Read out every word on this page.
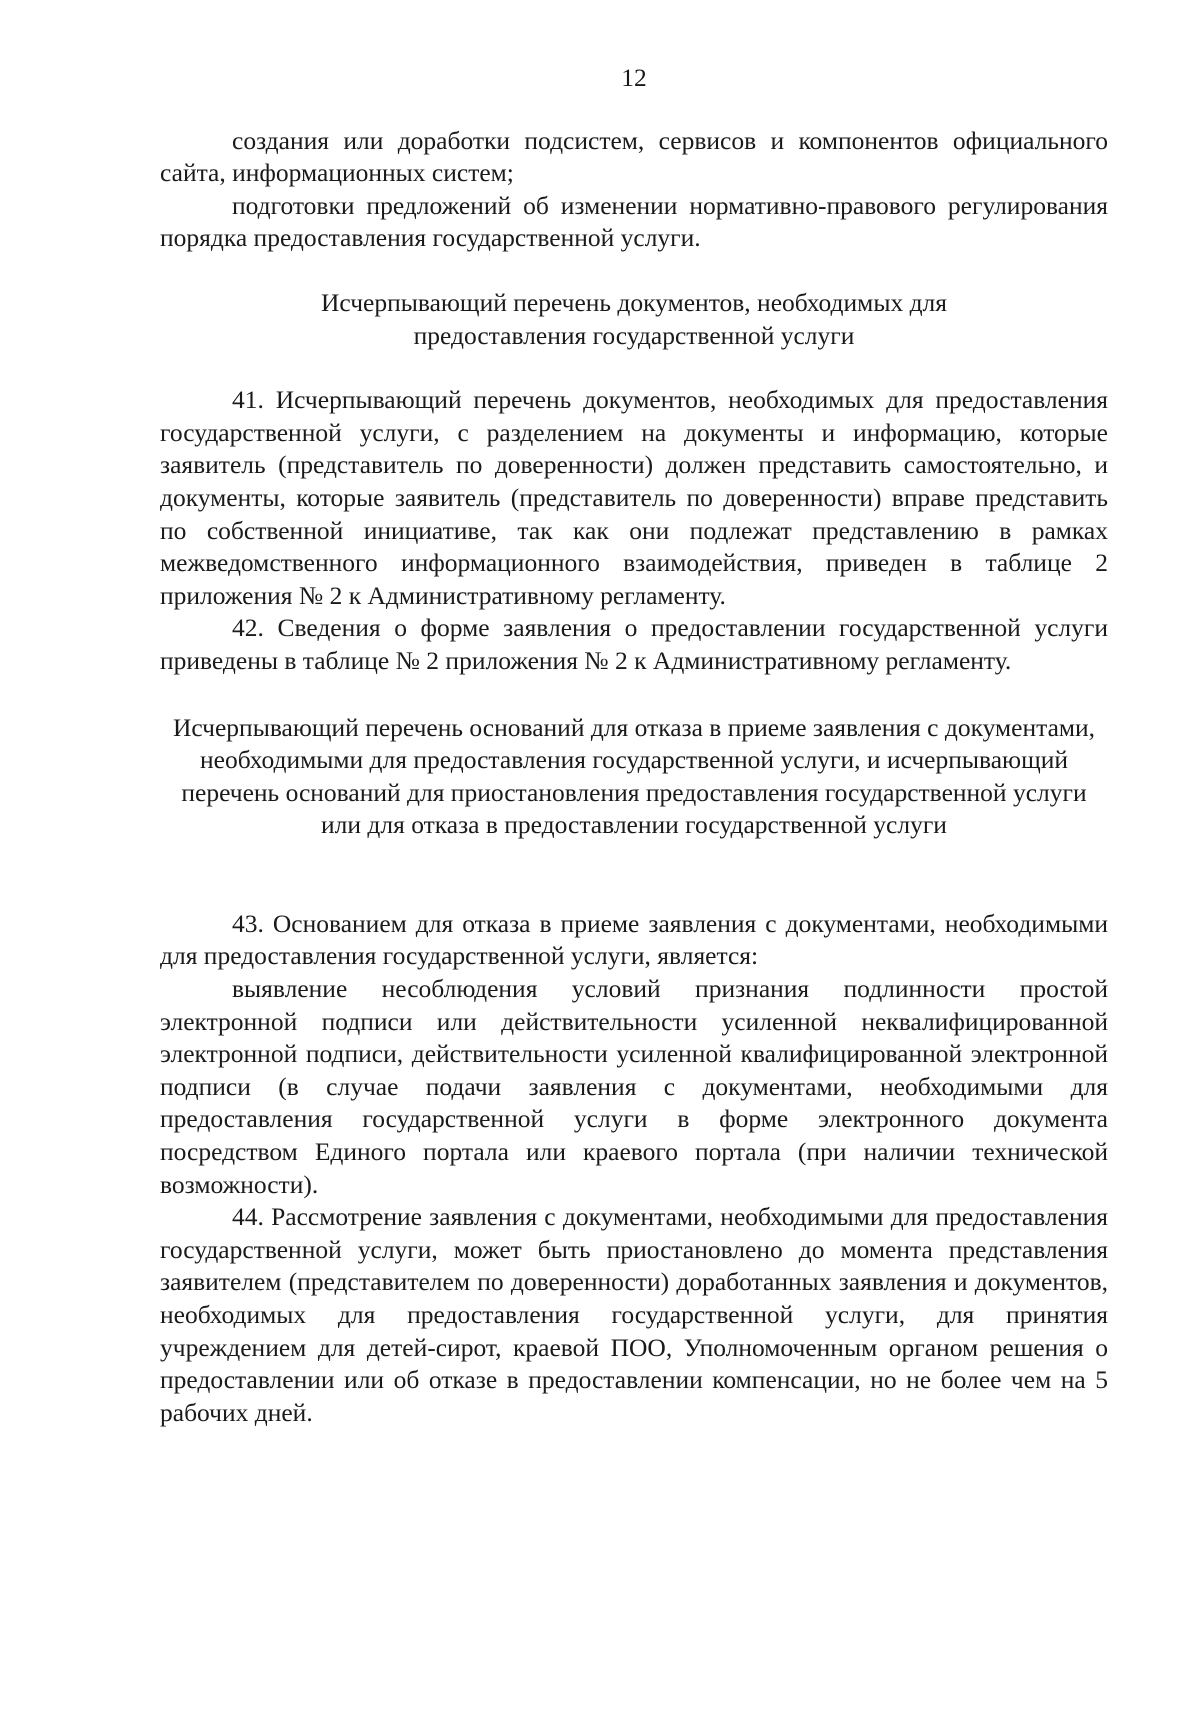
12

создания или доработки подсистем, сервисов и компонентов официального сайта, информационных систем;

подготовки предложений об изменении нормативно-правового регулирования порядка предоставления государственной услуги.

Исчерпывающий перечень документов, необходимых для предоставления государственной услуги

41. Исчерпывающий перечень документов, необходимых для предоставления государственной услуги, с разделением на документы и информацию, которые заявитель (представитель по доверенности) должен представить самостоятельно, и документы, которые заявитель (представитель по доверенности) вправе представить по собственной инициативе, так как они подлежат представлению в рамках межведомственного информационного взаимодействия, приведен в таблице 2 приложения № 2 к Административному регламенту.

42. Сведения о форме заявления о предоставлении государственной услуги приведены в таблице № 2 приложения № 2 к Административному регламенту.

Исчерпывающий перечень оснований для отказа в приеме заявления с документами, необходимыми для предоставления государственной услуги, и исчерпывающий перечень оснований для приостановления предоставления государственной услуги или для отказа в предоставлении государственной услуги

43. Основанием для отказа в приеме заявления с документами, необходимыми для предоставления государственной услуги, является:

выявление несоблюдения условий признания подлинности простой электронной подписи или действительности усиленной неквалифицированной электронной подписи, действительности усиленной квалифицированной электронной подписи (в случае подачи заявления с документами, необходимыми для предоставления государственной услуги в форме электронного документа посредством Единого портала или краевого портала (при наличии технической возможности).

44. Рассмотрение заявления с документами, необходимыми для предоставления государственной услуги, может быть приостановлено до момента представления заявителем (представителем по доверенности) доработанных заявления и документов, необходимых для предоставления государственной услуги, для принятия учреждением для детей-сирот, краевой ПОО, Уполномоченным органом решения о предоставлении или об отказе в предоставлении компенсации, но не более чем на 5 рабочих дней.
